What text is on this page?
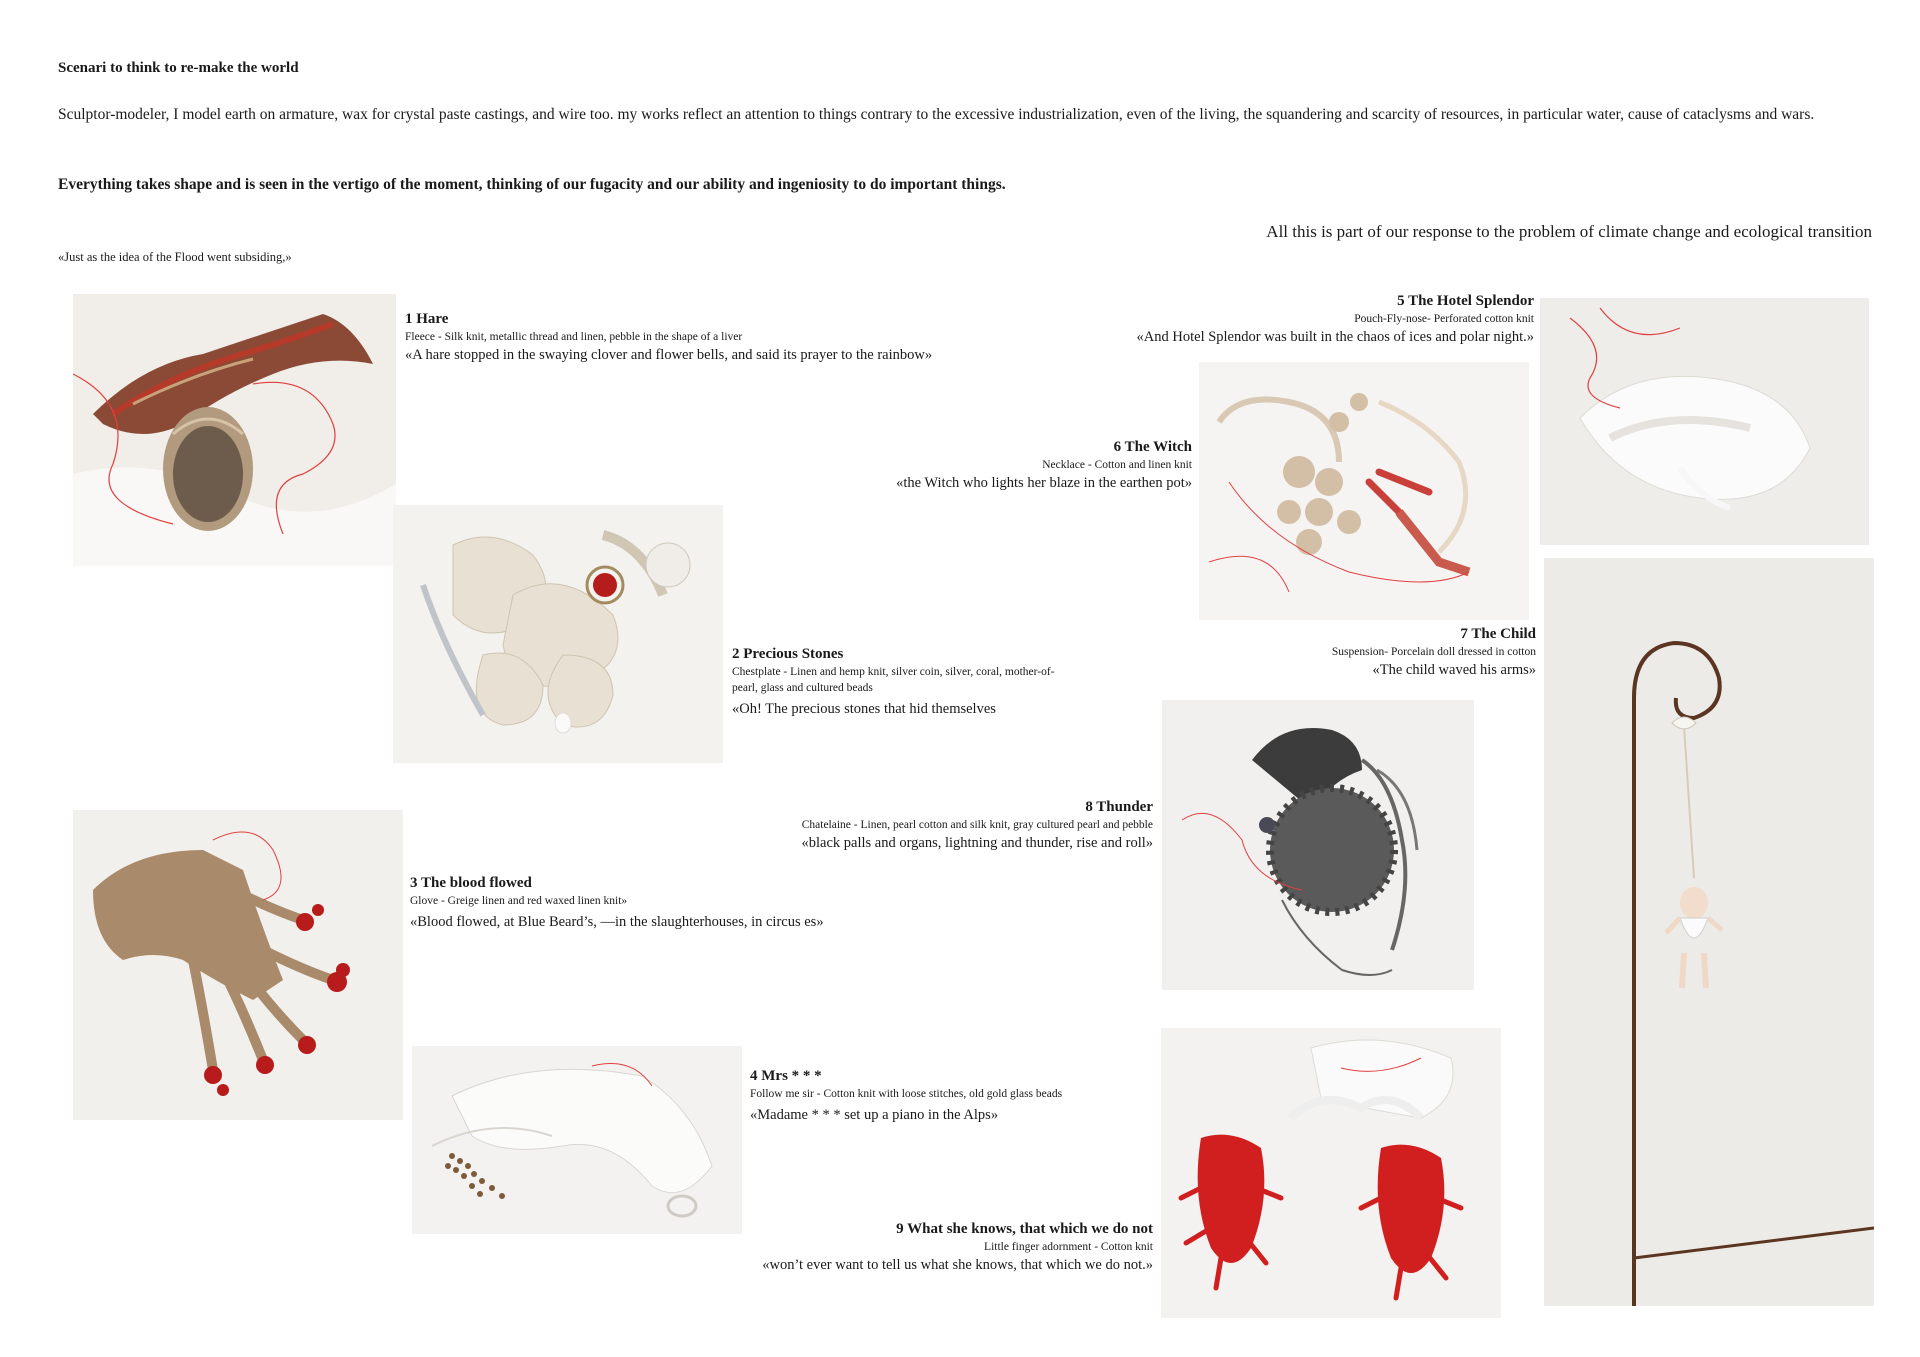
Scenari to think to re-make the world
Sculptor-modeler, I model earth on armature, wax for crystal paste castings, and wire too. my works reflect an attention to things contrary to the excessive industrialization, even of the living, the squandering and scarcity of resources, in particular water, cause of cataclysms and wars.
Everything takes shape and is seen in the vertigo of the moment, thinking of our fugacity and our ability and ingeniosity to do important things.
All this is part of our response to the problem of climate change and ecological transition
«Just as the idea of the Flood went subsiding,»
1 Hare
Fleece - Silk knit, metallic thread and linen, pebble in the shape of a liver
«A hare stopped in the swaying clover and flower bells, and said its prayer to the rainbow»
2 Precious Stones
Chestplate - Linen and hemp knit, silver coin, silver, coral, mother-of-pearl, glass and cultured beads
«Oh! The precious stones that hid themselves
3 The blood flowed
Glove - Greige linen and red waxed linen knit»
«Blood flowed, at Blue Beard’s, —in the slaughterhouses, in circus es»
4 Mrs * * *
Follow me sir - Cotton knit with loose stitches, old gold glass beads
«Madame * * * set up a piano in the Alps»
5 The Hotel Splendor
Pouch-Fly-nose- Perforated cotton knit
«And Hotel Splendor was built in the chaos of ices and polar night.»
6 The Witch
Necklace - Cotton and linen knit
«the Witch who lights her blaze in the earthen pot»
7 The Child
Suspension- Porcelain doll dressed in cotton
«The child waved his arms»
8 Thunder
Chatelaine - Linen, pearl cotton and silk knit, gray cultured pearl and pebble
«black palls and organs, lightning and thunder, rise and roll»
9 What she knows, that which we do not
Little finger adornment - Cotton knit
«won’t ever want to tell us what she knows, that which we do not.»
